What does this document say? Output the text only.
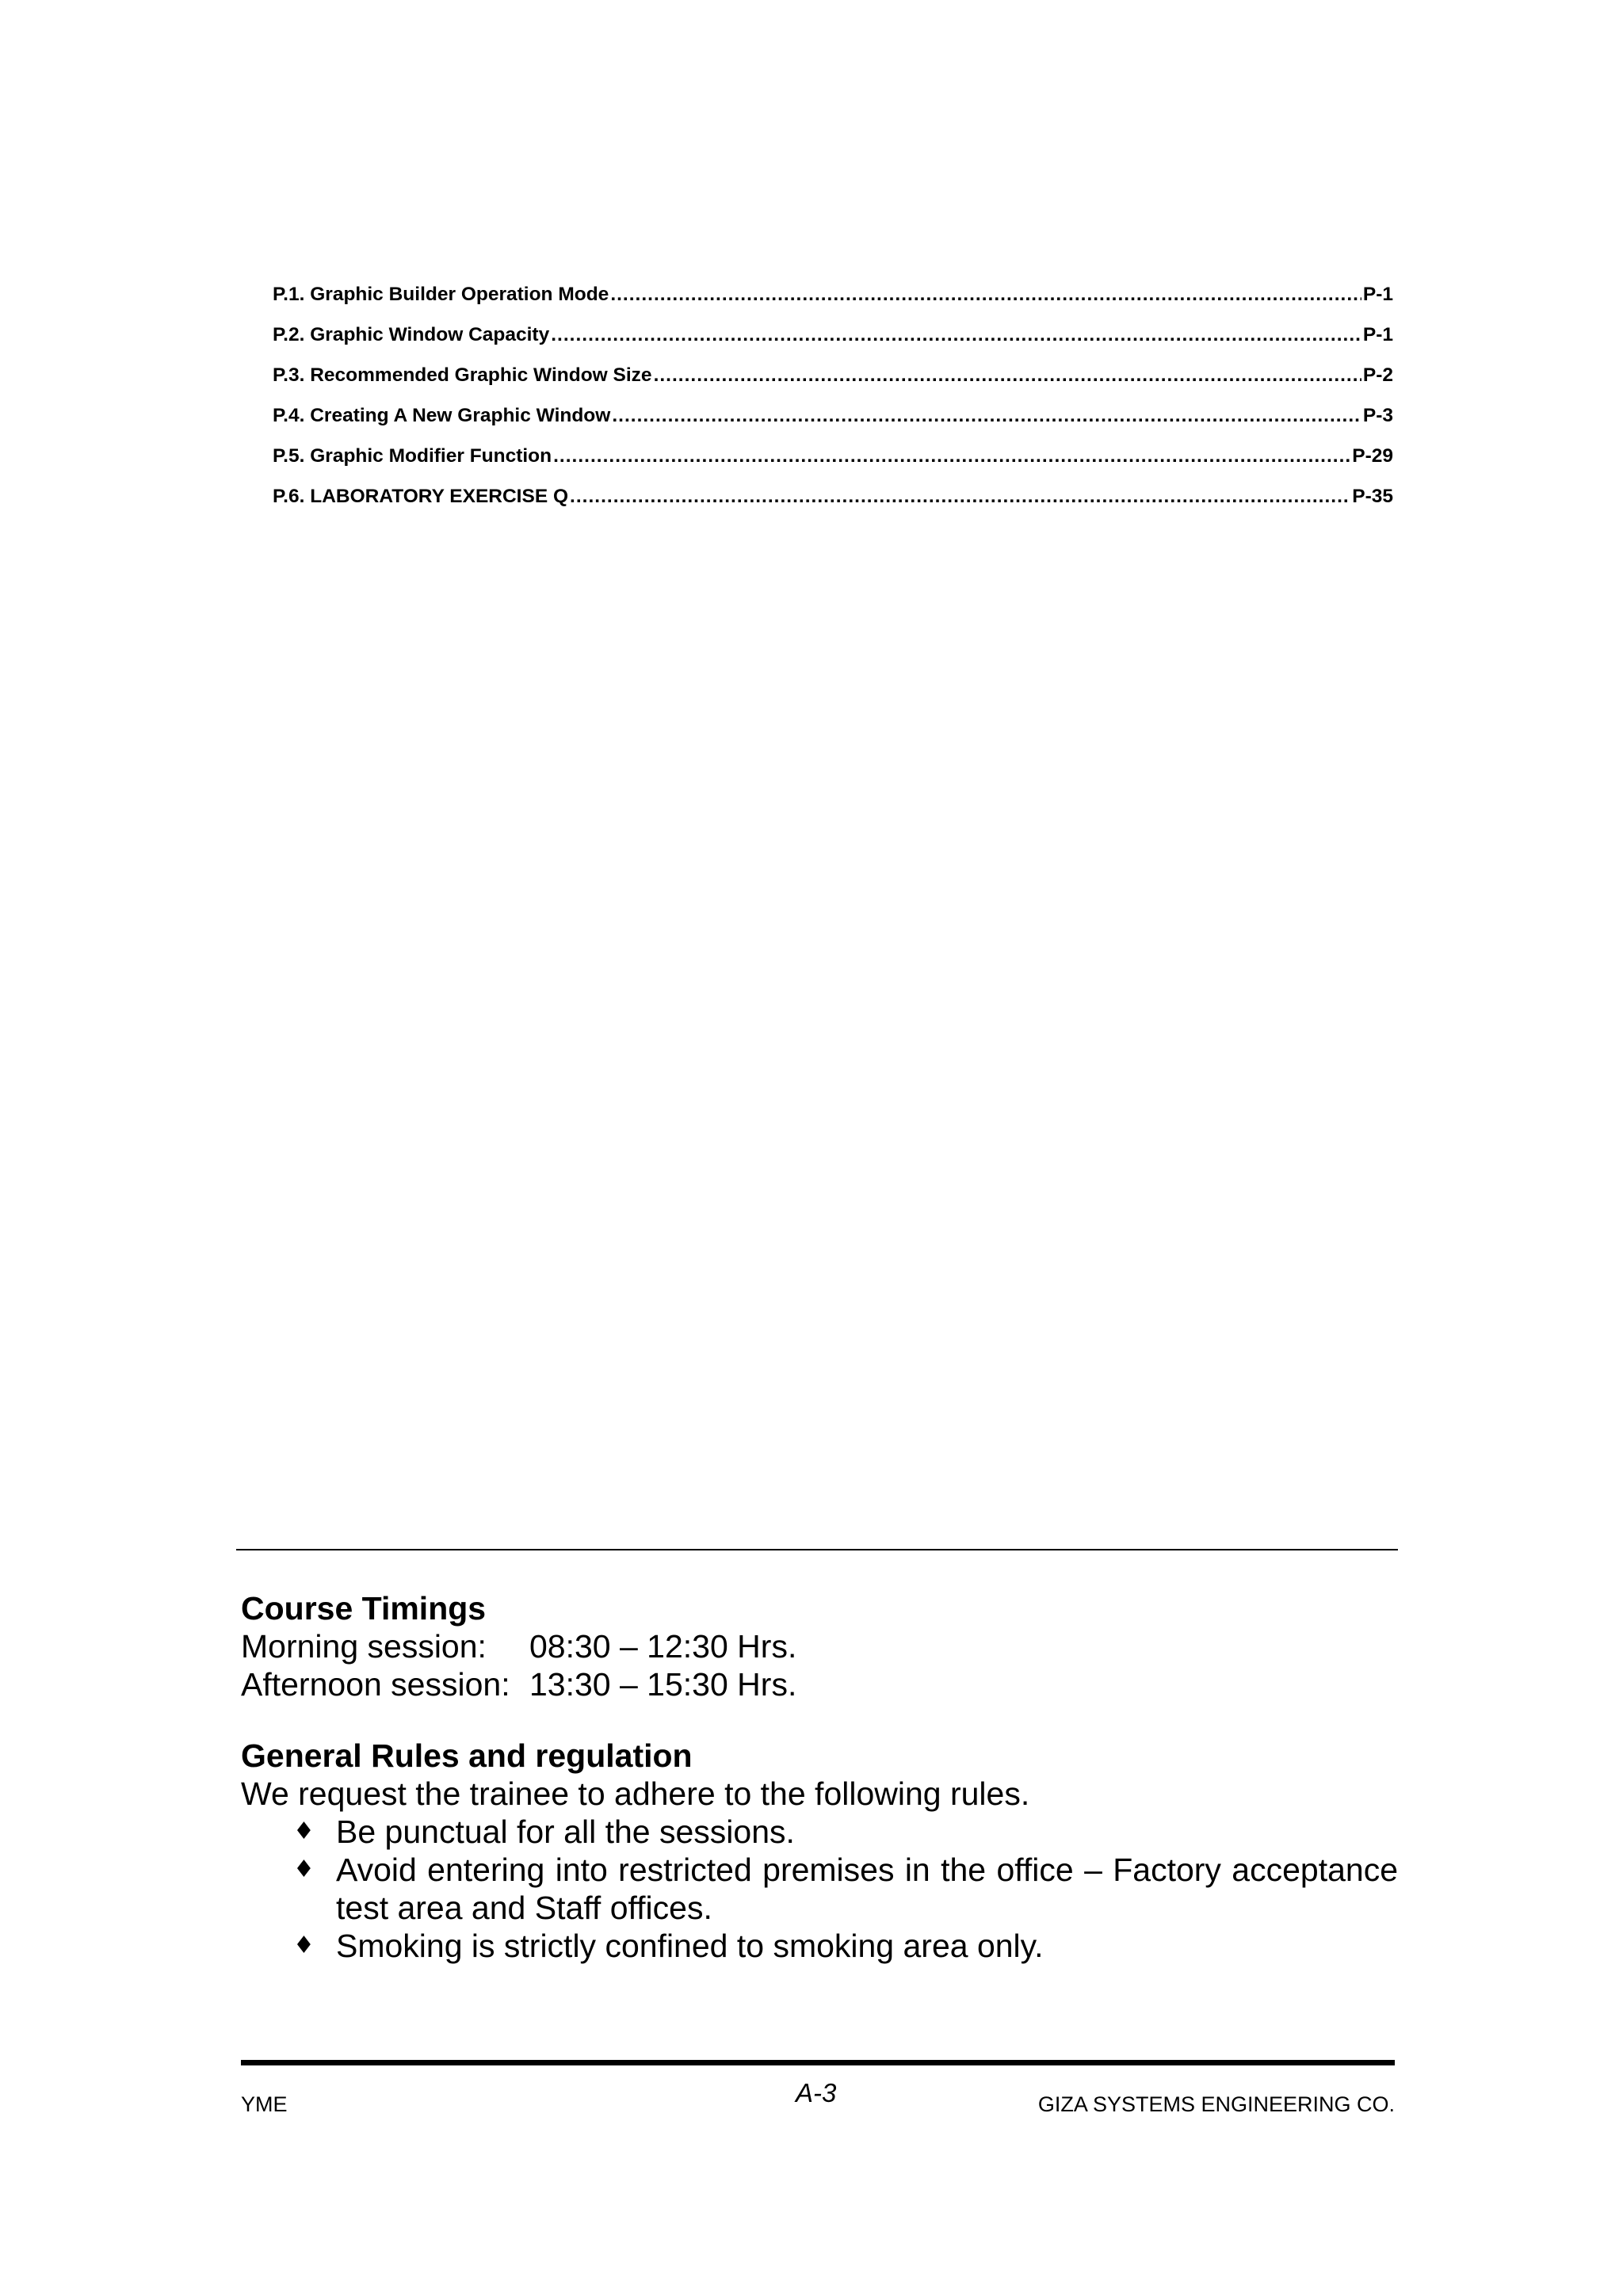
P.1. Graphic Builder Operation Mode .....	P-1
P.2. Graphic Window Capacity .....	P-1
P.3. Recommended Graphic Window Size .....	P-2
P.4. Creating A New Graphic Window .....	P-3
P.5. Graphic Modifier Function .....	P-29
P.6. LABORATORY EXERCISE Q .....	P-35
Course Timings
Morning session:	08:30 – 12:30 Hrs.
Afternoon session: 13:30 – 15:30 Hrs.
General Rules and regulation
We request the trainee to adhere to the following rules.
♦ Be punctual for all the sessions.
♦ Avoid entering into restricted premises in the office – Factory acceptance test area and Staff offices.
♦ Smoking is strictly confined to smoking area only.
YME	A-3	GIZA SYSTEMS ENGINEERING CO.
